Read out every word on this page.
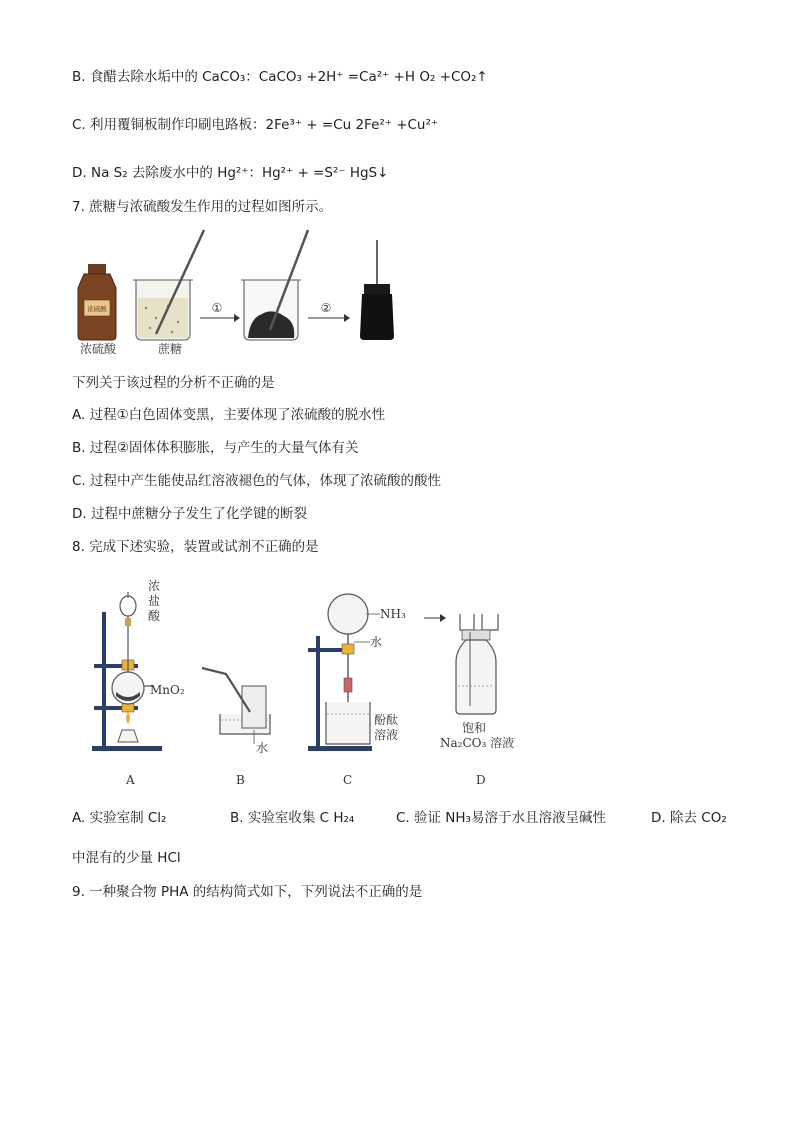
B. 食醋去除水垢中的 CaCO₃：CaCO₃ +2H⁺ =Ca²⁺ +H O₂ +CO₂↑
C. 利用覆铜板制作印刷电路板：2Fe³⁺ + =Cu 2Fe²⁺ +Cu²⁺
D. Na S₂ 去除废水中的 Hg²⁺：Hg²⁺ + =S²⁻ HgS↓
7. 蔗糖与浓硫酸发生作用的过程如图所示。
浓硫酸
浓硫酸	蔗糖
①	②
下列关于该过程的分析不正确的是
A. 过程①白色固体变黑，主要体现了浓硫酸的脱水性
B. 过程②固体体积膨胀，与产生的大量气体有关
C. 过程中产生能使品红溶液褪色的气体，体现了浓硫酸的酸性
D. 过程中蔗糖分子发生了化学键的断裂
8. 完成下述实验，装置或试剂不正确的是
浓
盐
酸
MnO₂
A
水
B
NH₃
水
酚酞
溶液
C
饱和
Na₂CO₃ 溶液
D
A. 实验室制 Cl₂	B. 实验室收集 C H₂₄	C. 验证 NH₃易溶于水且溶液呈碱性	D. 除去 CO₂
中混有的少量 HCl
9. 一种聚合物 PHA 的结构简式如下，下列说法不正确的是
